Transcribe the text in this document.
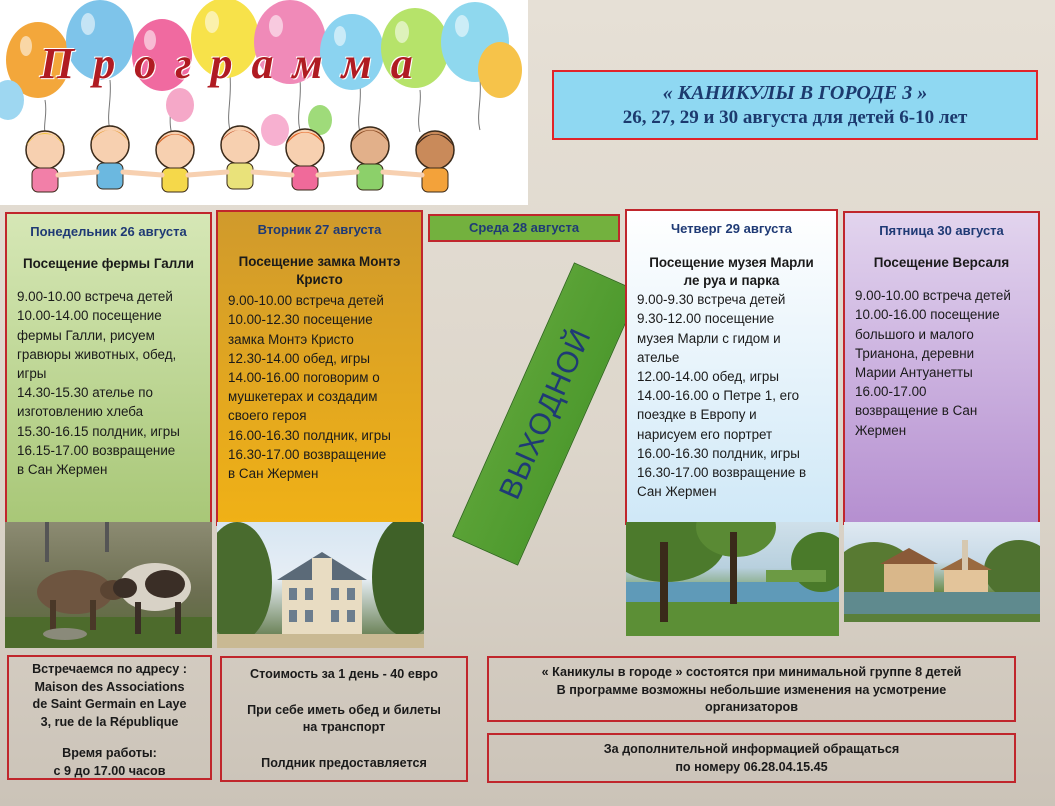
П р о г р а м м а
« КАНИКУЛЫ В ГОРОДЕ 3 »
26, 27, 29 и 30 августа для детей 6-10 лет
Понедельник 26 августа
Посещение фермы Галли
9.00-10.00 встреча детей
10.00-14.00 посещение
фермы Галли, рисуем
гравюры животных, обед,
игры
14.30-15.30 ателье по
изготовлению хлеба
15.30-16.15 полдник, игры
16.15-17.00 возвращение
в Сан Жермен
Вторник 27 августа
Посещение замка Монтэ
Кристо
9.00-10.00 встреча детей
10.00-12.30 посещение
замка Монтэ Кристо
12.30-14.00 обед, игры
14.00-16.00 поговорим о
мушкетерах и создадим
своего героя
16.00-16.30 полдник, игры
16.30-17.00 возвращение
в Сан Жермен
Среда 28 августа
ВЫХОДНОЙ
Четверг 29 августа
Посещение музея Марли
ле руа и парка
9.00-9.30 встреча детей
9.30-12.00 посещение
музея Марли с гидом и
ателье
12.00-14.00 обед, игры
14.00-16.00 о Петре 1, его
поездке в Европу и
нарисуем его портрет
16.00-16.30 полдник, игры
16.30-17.00 возвращение в
Сан Жермен
Пятница 30 августа
Посещение Версаля
9.00-10.00 встреча детей
10.00-16.00 посещение
большого и малого
Трианона, деревни
Марии Антуанетты
16.00-17.00
возвращение в Сан
Жермен
Встречаемся по адресу :
Maison des Associations
de Saint Germain en Laye
3, rue de la République
Время работы:
с 9 до 17.00 часов
Стоимость за 1 день - 40 евро
При себе иметь обед и билеты
на транспорт
Полдник предоставляется
« Каникулы в городе » состоятся при минимальной группе 8 детей
В программе возможны небольшие изменения на усмотрение
организаторов
За дополнительной информацией обращаться
по номеру 06.28.04.15.45
